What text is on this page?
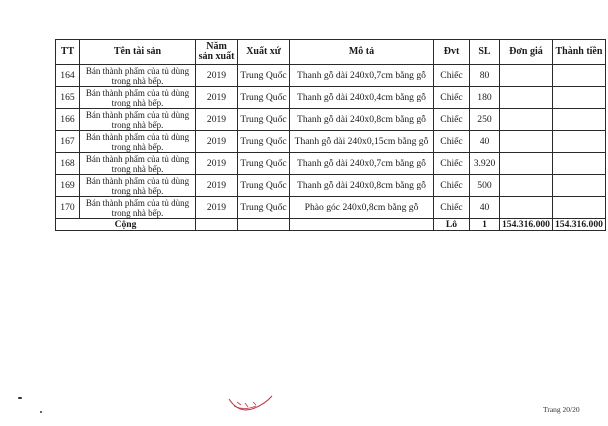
TT	Tên tài sản	Năm sản xuất	Xuất xứ	Mô tả	Đvt	SL	Đơn giá	Thành tiền
164	Bán thành phẩm của tủ dùng trong nhà bếp.	2019	Trung Quốc	Thanh gỗ dài 240x0,7cm bằng gỗ	Chiếc	80		
165	Bán thành phẩm của tủ dùng trong nhà bếp.	2019	Trung Quốc	Thanh gỗ dài 240x0,4cm bằng gỗ	Chiếc	180		
166	Bán thành phẩm của tủ dùng trong nhà bếp.	2019	Trung Quốc	Thanh gỗ dài 240x0,8cm bằng gỗ	Chiếc	250		
167	Bán thành phẩm của tủ dùng trong nhà bếp.	2019	Trung Quốc	Thanh gỗ dài 240x0,15cm bằng gỗ	Chiếc	40		
168	Bán thành phẩm của tủ dùng trong nhà bếp.	2019	Trung Quốc	Thanh gỗ dài 240x0,7cm bằng gỗ	Chiếc	3.920		
169	Bán thành phẩm của tủ dùng trong nhà bếp.	2019	Trung Quốc	Thanh gỗ dài 240x0,8cm bằng gỗ	Chiếc	500		
170	Bán thành phẩm của tủ dùng trong nhà bếp.	2019	Trung Quốc	Phào góc 240x0,8cm bằng gỗ	Chiếc	40		
Cộng					Lô	1	154.316.000	154.316.000
Trang 20/20
